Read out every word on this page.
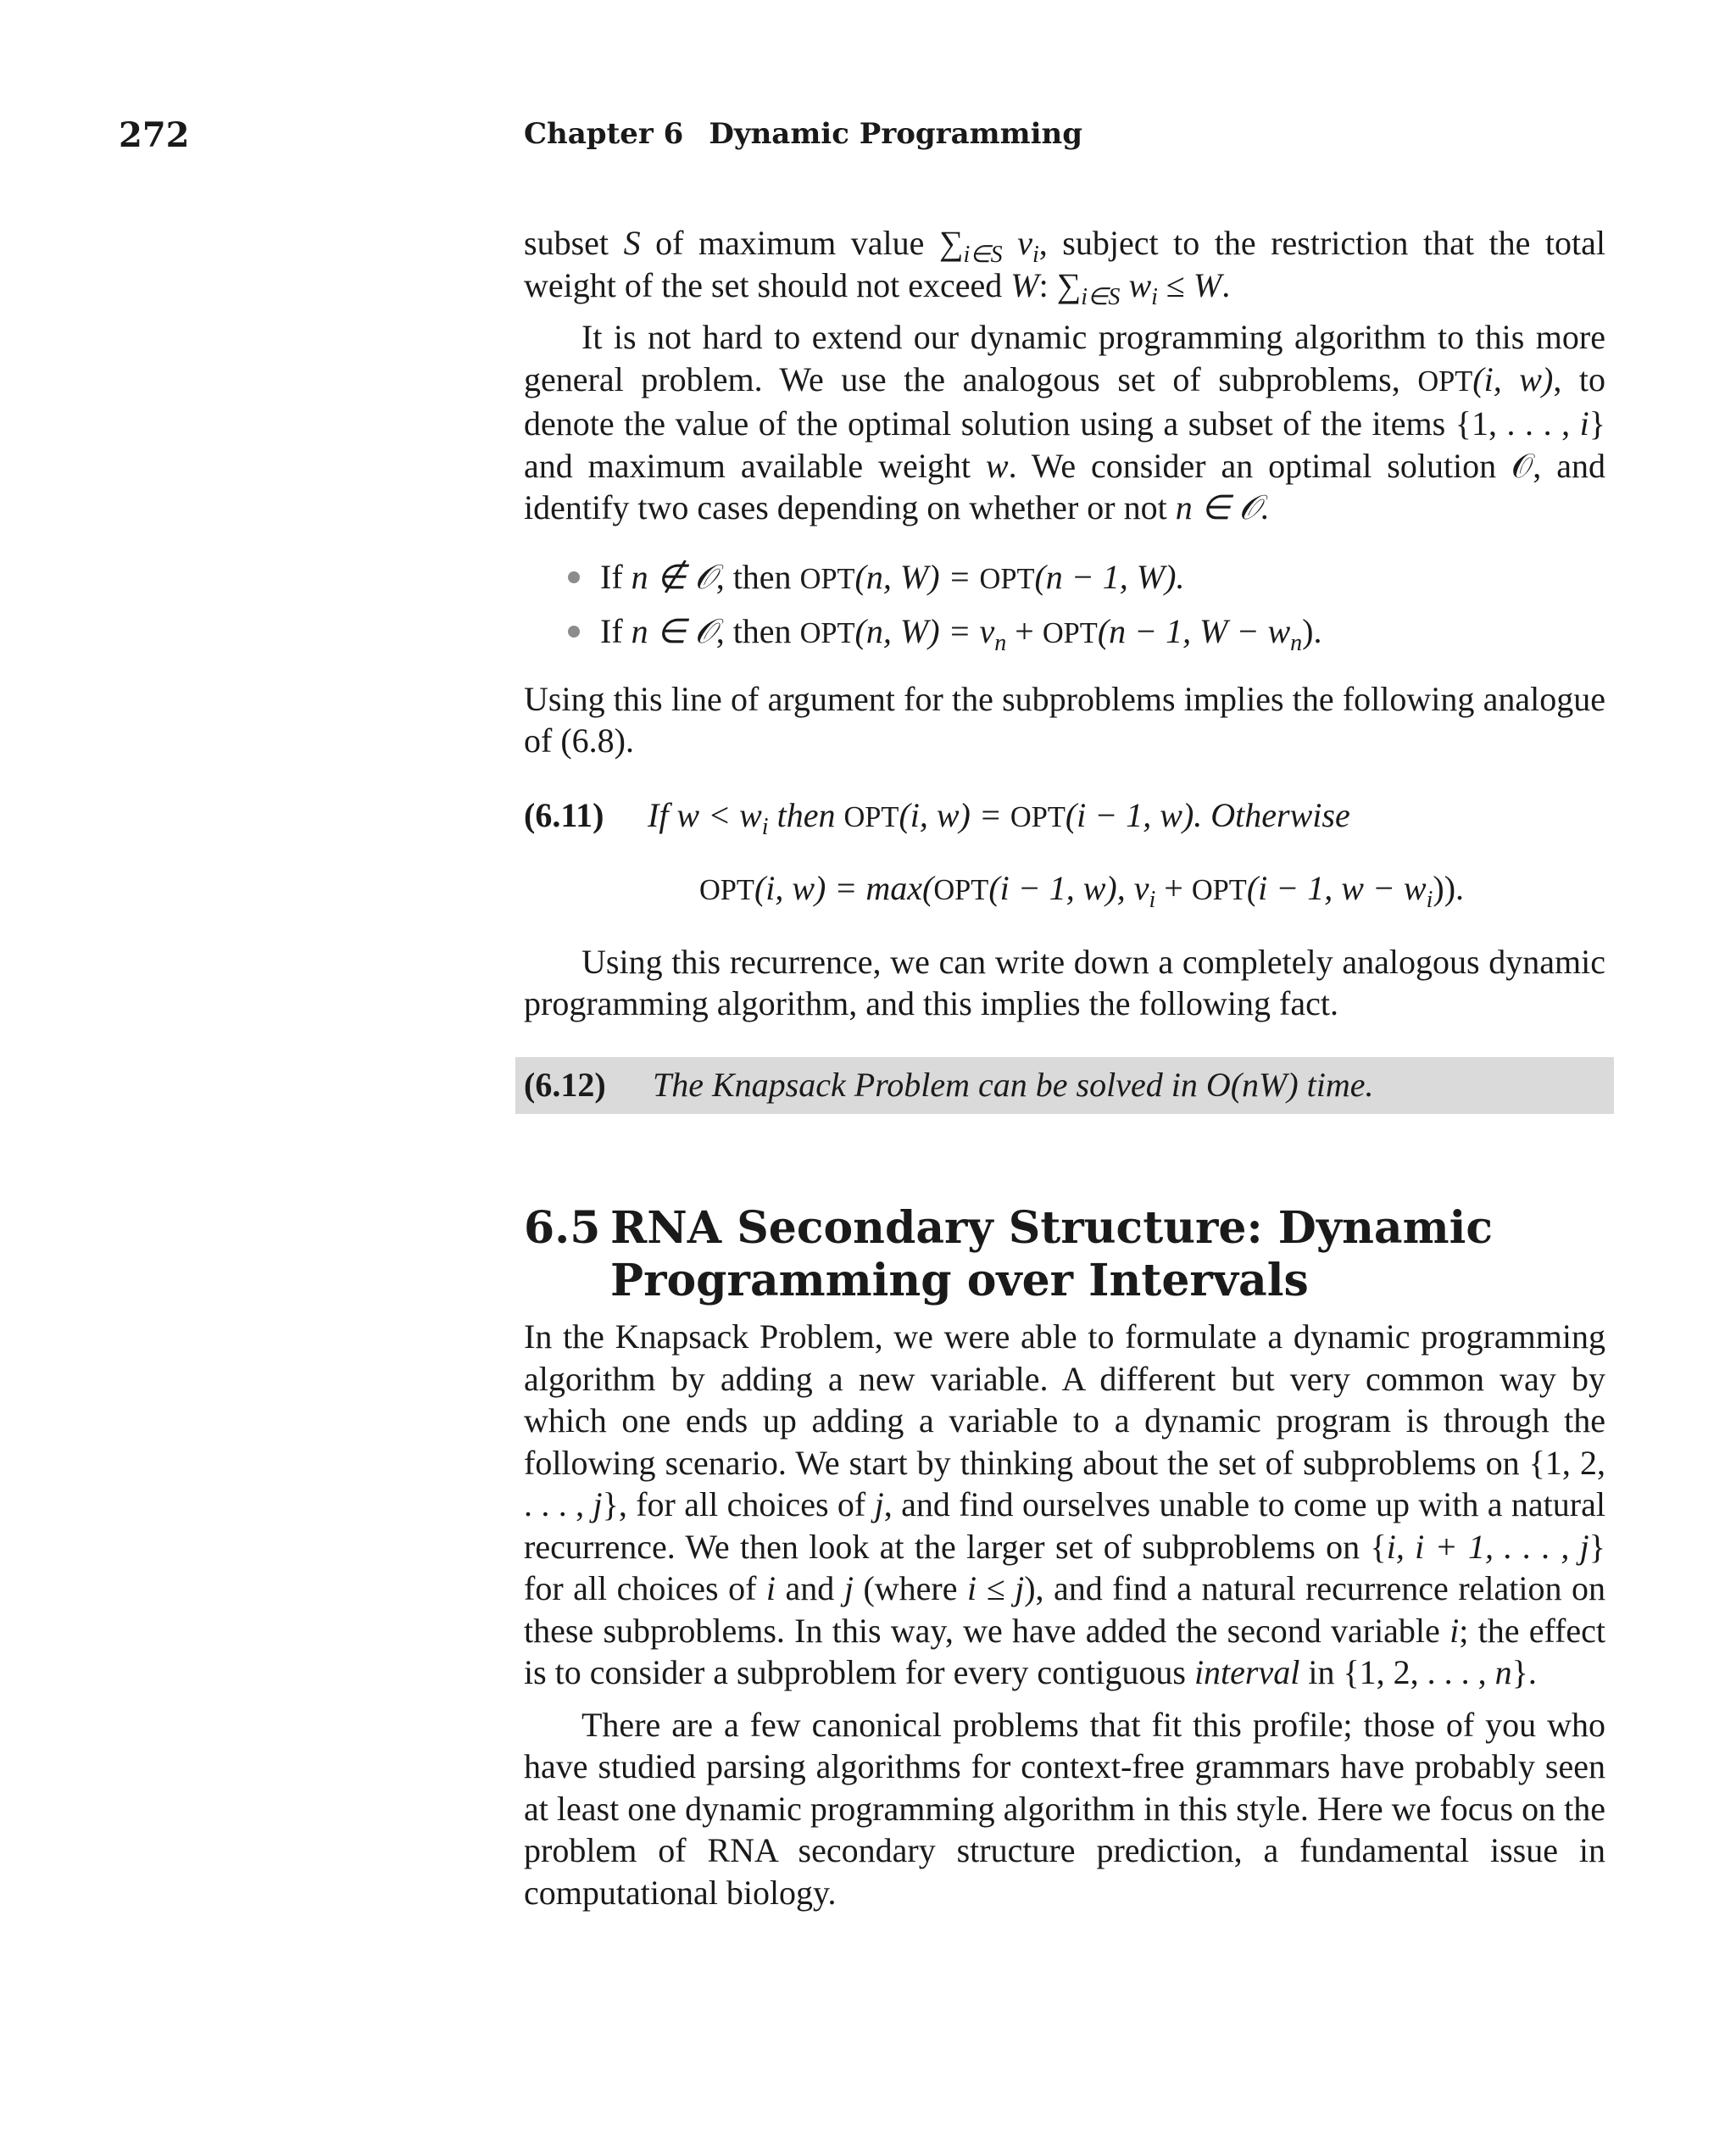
272	Chapter 6 Dynamic Programming

subset S of maximum value $\sum_{i\in S}$ $v_i$, subject to the restriction that the total weight of the set should not exceed W: $\sum_{i\in S}$ $w_i \le W$.

It is not hard to extend our dynamic programming algorithm to this more general problem. We use the analogous set of subproblems, OPT(i, w), to denote the value of the optimal solution using a subset of the items {1, . . . , i} and maximum available weight w. We consider an optimal solution 𝒪, and identify two cases depending on whether or not n ∈ 𝒪.

If n ∉ 𝒪, then OPT(n, W) = OPT(n − 1, W).
If n ∈ 𝒪, then OPT(n, $W) = v_n + OPT(n - 1$, $W - w_n$).

Using this line of argument for the subproblems implies the following analogue of (6.8).

(6.11)	If $w < w_i$ then OPT(i, w) = OPT(i − 1, w). Otherwise
OPT(i, w) = max(OPT(i − 1, w), $v_i + OPT(i - 1$, $w - w_i$)).

Using this recurrence, we can write down a completely analogous dynamic programming algorithm, and this implies the following fact.

(6.12)	The Knapsack Problem can be solved in O(nW) time.
6.5 RNA Secondary Structure: Dynamic Programming over Intervals

In the Knapsack Problem, we were able to formulate a dynamic programming algorithm by adding a new variable. A different but very common way by which one ends up adding a variable to a dynamic program is through the following scenario. We start by thinking about the set of subproblems on {1, 2, . . . , j}, for all choices of j, and find ourselves unable to come up with a natural recurrence. We then look at the larger set of subproblems on {i, i + 1, . . . , j} for all choices of i and j (where i ≤ j), and find a natural recurrence relation on these subproblems. In this way, we have added the second variable i; the effect is to consider a subproblem for every contiguous interval in {1, 2, . . . , n}.

There are a few canonical problems that fit this profile; those of you who have studied parsing algorithms for context-free grammars have probably seen at least one dynamic programming algorithm in this style. Here we focus on the problem of RNA secondary structure prediction, a fundamental issue in computational biology.
